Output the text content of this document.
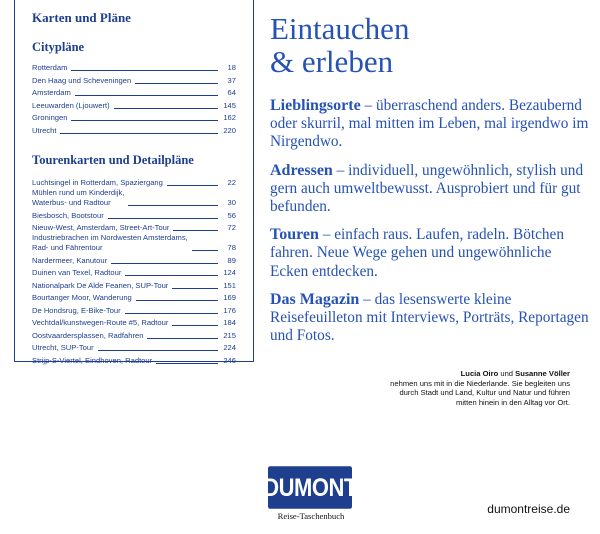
Karten und Pläne
Citypläne
Rotterdam	18
Den Haag und Scheveningen	37
Amsterdam	64
Leeuwarden (Ljouwert)	145
Groningen	162
Utrecht	220
Tourenkarten und Detailpläne
Luchtsingel in Rotterdam, Spaziergang	22
Mühlen rund um Kinderdijk,
Waterbus- und Radtour	30
Biesbosch, Bootstour	56
Nieuw-West, Amsterdam, Street-Art-Tour	72
Industriebrachen im Nordwesten Amsterdams,
Rad- und Fährentour	78
Nardermeer, Kanutour	89
Duinen van Texel, Radtour	124
Nationalpark De Alde Feanen, SUP-Tour	151
Bourtanger Moor, Wanderung	169
De Hondsrug, E-Bike-Tour	176
Vechtdal/kunstwegen-Route #5, Radtour	184
Oostvaardersplassen, Radfahren	215
Utrecht, SUP-Tour	224
Strijp-S-Viertel, Eindhoven, Radtour	246
Eintauchen
& erleben
Lieblingsorte – überraschend anders. Bezaubernd oder skurril, mal mitten im Leben, mal irgendwo im Nirgendwo.
Adressen – individuell, ungewöhnlich, stylish und gern auch umweltbewusst. Ausprobiert und für gut befunden.
Touren – einfach raus. Laufen, radeln. Bötchen fahren. Neue Wege gehen und ungewöhnliche Ecken entdecken.
Das Magazin – das lesenswerte kleine Reisefeuilleton mit Interviews, Porträts, Reportagen und Fotos.
Lucia Oiro und Susanne Völler
nehmen uns mit in die Niederlande. Sie begleiten uns durch Stadt und Land, Kultur und Natur und führen mitten hinein in den Alltag vor Ort.
DUMONT
Reise-Taschenbuch	dumontreise.de
